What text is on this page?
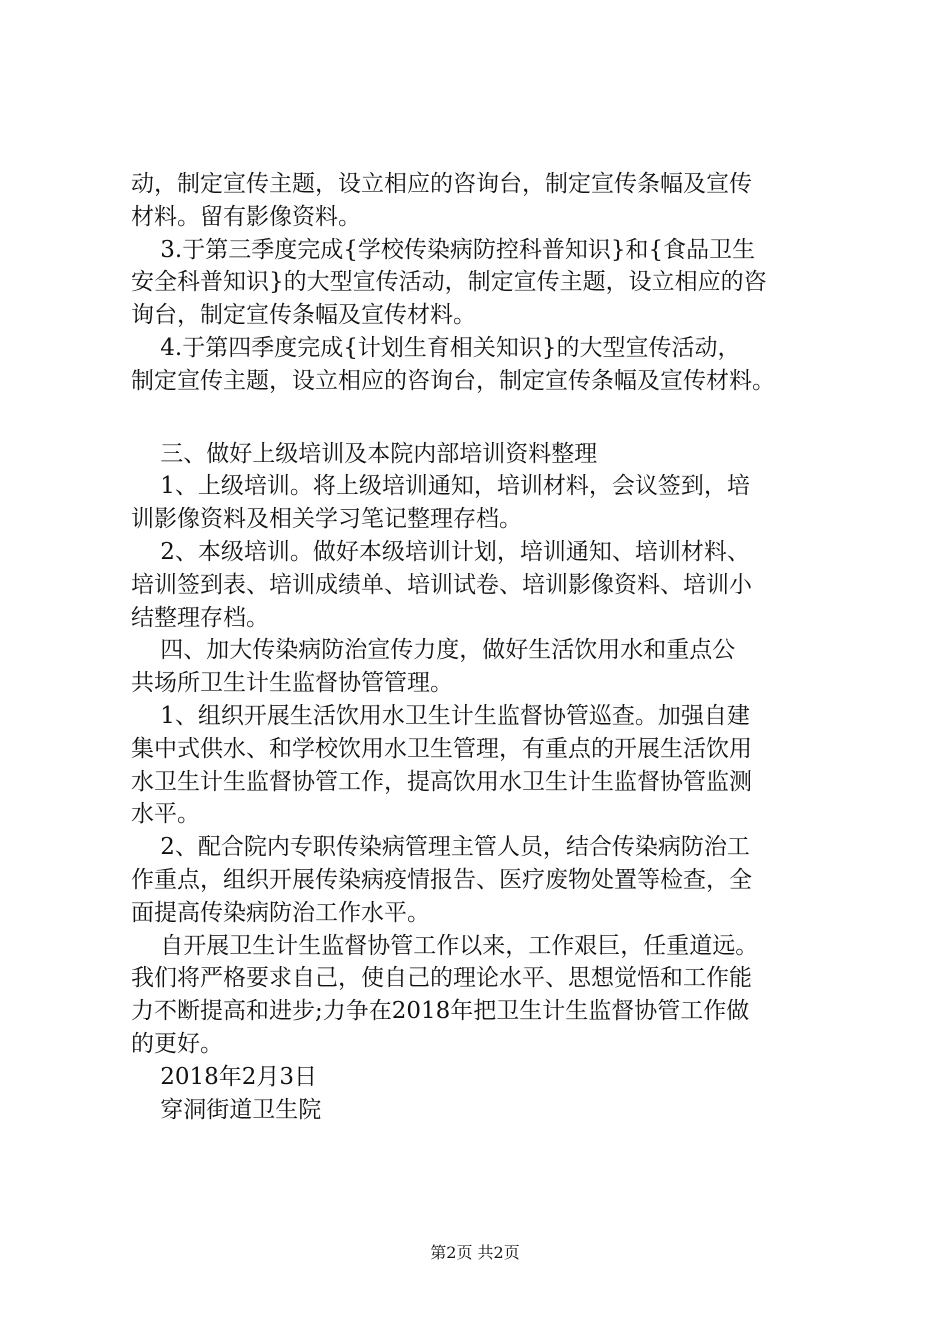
动，制定宣传主题，设立相应的咨询台，制定宣传条幅及宣传
材料。留有影像资料。
3.于第三季度完成{学校传染病防控科普知识}和{食品卫生
安全科普知识}的大型宣传活动，制定宣传主题，设立相应的咨
询台，制定宣传条幅及宣传材料。
4.于第四季度完成{计划生育相关知识}的大型宣传活动，
制定宣传主题，设立相应的咨询台，制定宣传条幅及宣传材料。
三、做好上级培训及本院内部培训资料整理
1、上级培训。将上级培训通知，培训材料，会议签到，培
训影像资料及相关学习笔记整理存档。
2、本级培训。做好本级培训计划，培训通知、培训材料、
培训签到表、培训成绩单、培训试卷、培训影像资料、培训小
结整理存档。
四、加大传染病防治宣传力度，做好生活饮用水和重点公
共场所卫生计生监督协管管理。
1、组织开展生活饮用水卫生计生监督协管巡查。加强自建
集中式供水、和学校饮用水卫生管理，有重点的开展生活饮用
水卫生计生监督协管工作，提高饮用水卫生计生监督协管监测
水平。
2、配合院内专职传染病管理主管人员，结合传染病防治工
作重点，组织开展传染病疫情报告、医疗废物处置等检查，全
面提高传染病防治工作水平。
自开展卫生计生监督协管工作以来，工作艰巨，任重道远。
我们将严格要求自己，使自己的理论水平、思想觉悟和工作能
力不断提高和进步;力争在2018年把卫生计生监督协管工作做
的更好。
2018年2月3日
穿洞街道卫生院
第2页 共2页
